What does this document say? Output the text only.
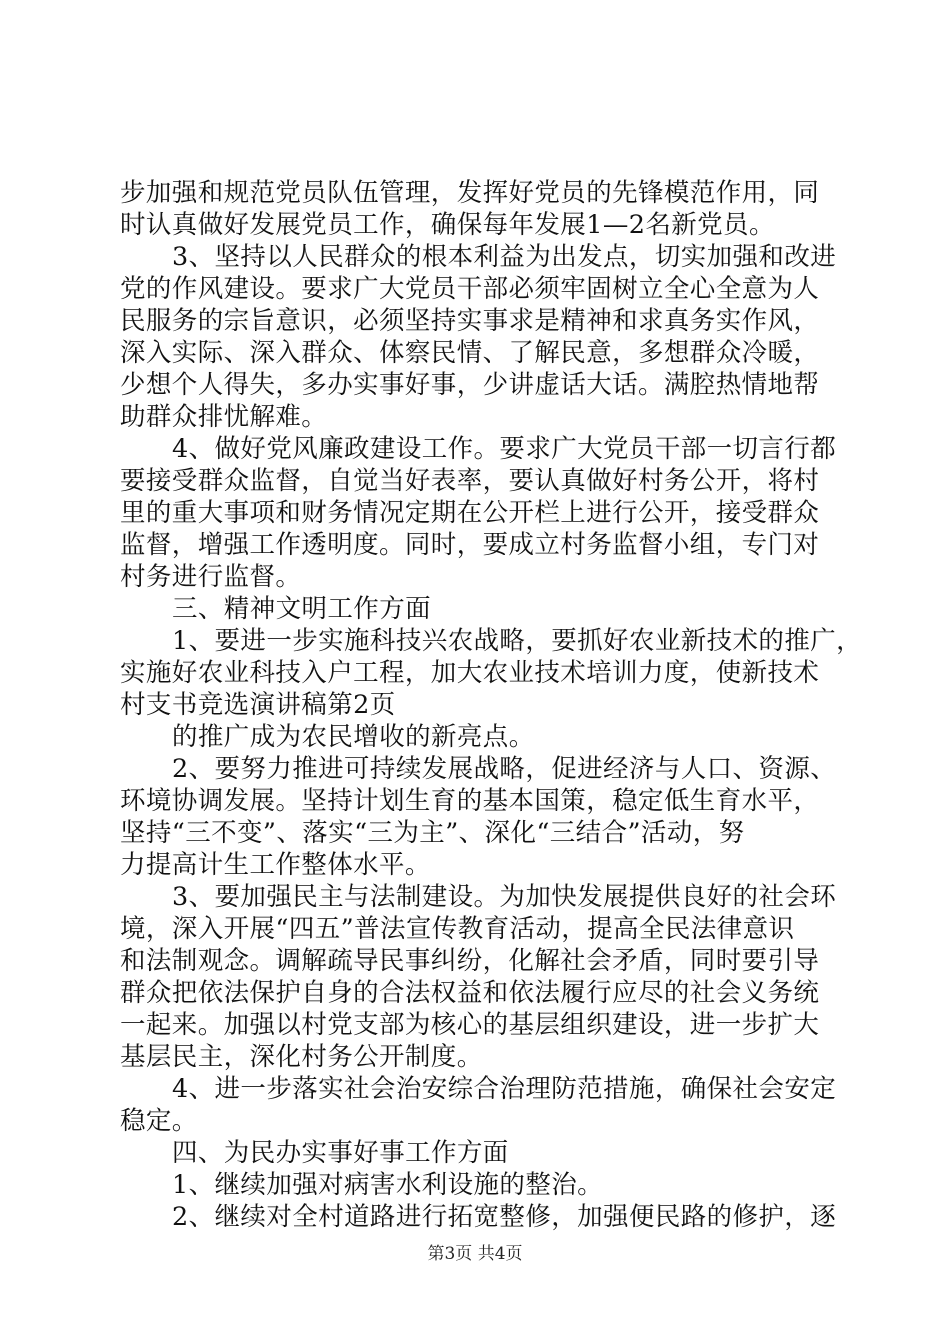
步加强和规范党员队伍管理，发挥好党员的先锋模范作用，同
时认真做好发展党员工作，确保每年发展1—2名新党员。
3、坚持以人民群众的根本利益为出发点，切实加强和改进
党的作风建设。要求广大党员干部必须牢固树立全心全意为人
民服务的宗旨意识，必须坚持实事求是精神和求真务实作风，
深入实际、深入群众、体察民情、了解民意，多想群众冷暖，
少想个人得失，多办实事好事，少讲虚话大话。满腔热情地帮
助群众排忧解难。
4、做好党风廉政建设工作。要求广大党员干部一切言行都
要接受群众监督，自觉当好表率，要认真做好村务公开，将村
里的重大事项和财务情况定期在公开栏上进行公开，接受群众
监督，增强工作透明度。同时，要成立村务监督小组，专门对
村务进行监督。
三、精神文明工作方面
1、要进一步实施科技兴农战略，要抓好农业新技术的推广，
实施好农业科技入户工程，加大农业技术培训力度，使新技术
村支书竞选演讲稿第2页
的推广成为农民增收的新亮点。
2、要努力推进可持续发展战略，促进经济与人口、资源、
环境协调发展。坚持计划生育的基本国策，稳定低生育水平，
坚持“三不变”、落实“三为主”、深化“三结合”活动，努
力提高计生工作整体水平。
3、要加强民主与法制建设。为加快发展提供良好的社会环
境，深入开展“四五”普法宣传教育活动，提高全民法律意识
和法制观念。调解疏导民事纠纷，化解社会矛盾，同时要引导
群众把依法保护自身的合法权益和依法履行应尽的社会义务统
一起来。加强以村党支部为核心的基层组织建设，进一步扩大
基层民主，深化村务公开制度。
4、进一步落实社会治安综合治理防范措施，确保社会安定
稳定。
四、为民办实事好事工作方面
1、继续加强对病害水利设施的整治。
2、继续对全村道路进行拓宽整修，加强便民路的修护，逐
第3页 共4页
